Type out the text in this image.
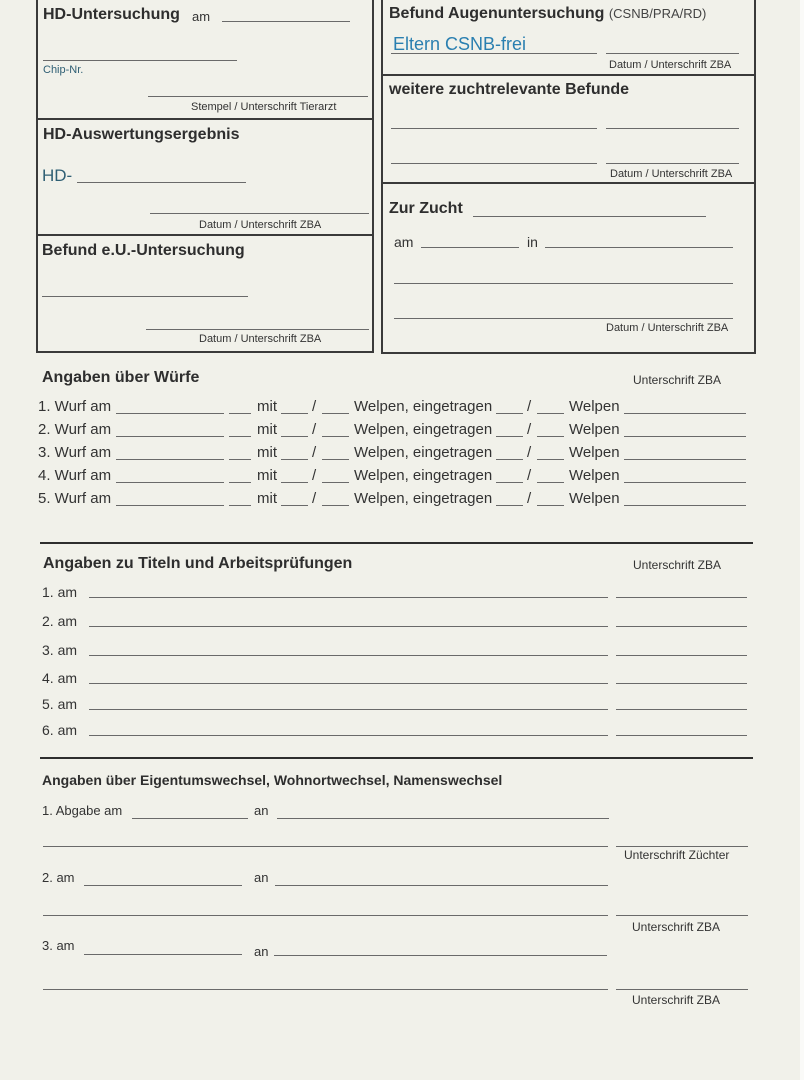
HD-Untersuchung am
Chip-Nr.
Stempel / Unterschrift Tierarzt
HD-Auswertungsergebnis
HD-
Datum / Unterschrift ZBA
Befund e.U.-Untersuchung
Datum / Unterschrift ZBA
Befund Augenuntersuchung (CSNB/PRA/RD)
Eltern CSNB-frei
Datum / Unterschrift ZBA
weitere zuchtrelevante Befunde
Datum / Unterschrift ZBA
Zur Zucht
am	in
Datum / Unterschrift ZBA
Angaben über Würfe	Unterschrift ZBA
Angaben zu Titeln und Arbeitsprüfungen	Unterschrift ZBA
Angaben über Eigentumswechsel, Wohnortwechsel, Namenswechsel
1. Wurf am	mit /	Welpen, eingetragen /	Welpen
2. Wurf am	mit /	Welpen, eingetragen /	Welpen
3. Wurf am	mit /	Welpen, eingetragen /	Welpen
4. Wurf am	mit /	Welpen, eingetragen /	Welpen
5. Wurf am	mit /	Welpen, eingetragen /	Welpen
1. am
2. am
3. am
4. am
5. am
6. am
1. Abgabe am	an
Unterschrift Züchter
2. am	an
Unterschrift ZBA
3. am	an
Unterschrift ZBA
